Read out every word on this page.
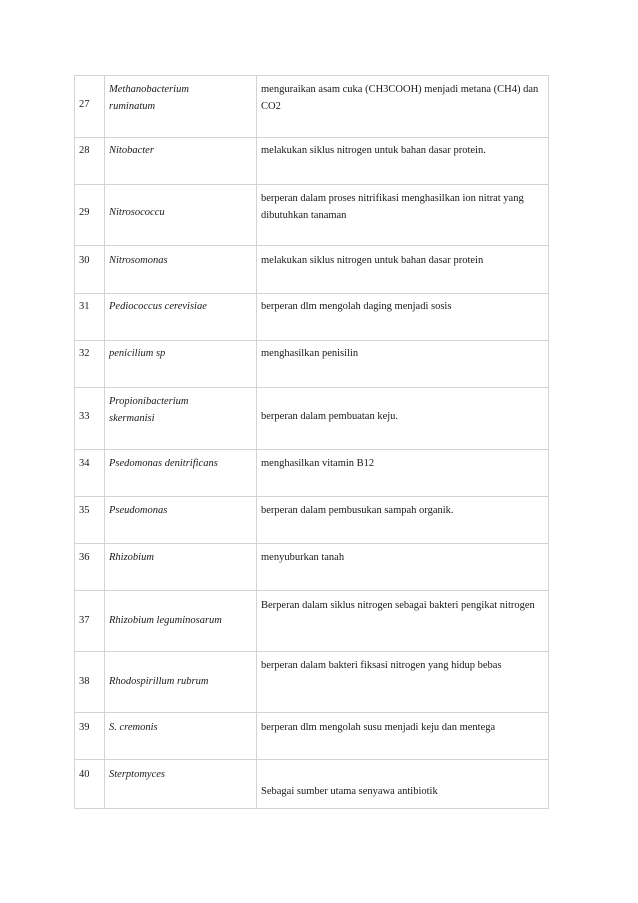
27	Methanobacterium ruminatum	menguraikan asam cuka (CH3COOH) menjadi metana (CH4) dan CO2
28	Nitobacter	melakukan siklus nitrogen untuk bahan dasar protein.
29	Nitrosococcu	berperan dalam proses nitrifikasi menghasilkan ion nitrat yang dibutuhkan tanaman
30	Nitrosomonas	melakukan siklus nitrogen untuk bahan dasar protein
31	Pediococcus cerevisiae	berperan dlm mengolah daging menjadi sosis
32	penicilium sp	menghasilkan penisilin
33	Propionibacterium skermanisi	berperan dalam pembuatan keju.
34	Psedomonas denitrificans	menghasilkan vitamin B12
35	Pseudomonas	berperan dalam pembusukan sampah organik.
36	Rhizobium	menyuburkan tanah
37	Rhizobium leguminosarum	Berperan dalam siklus nitrogen sebagai bakteri pengikat nitrogen
38	Rhodospirillum rubrum	berperan dalam bakteri fiksasi nitrogen yang hidup bebas
39	S. cremonis	berperan dlm mengolah susu menjadi keju dan mentega
40	Sterptomyces	Sebagai sumber utama senyawa antibiotik
